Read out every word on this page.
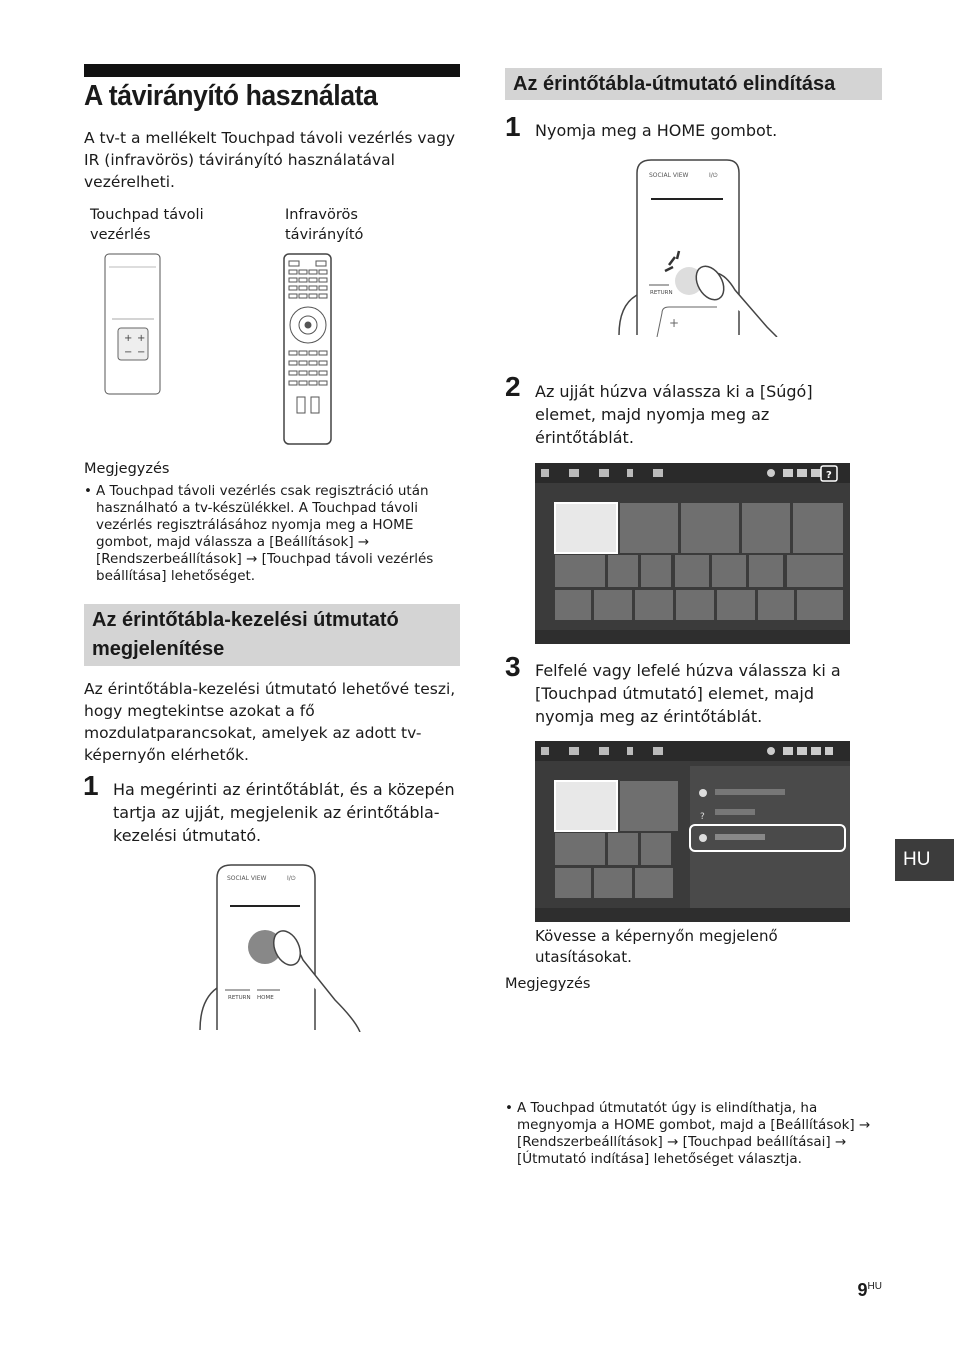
A távirányító használata
A tv-t a mellékelt Touchpad távoli vezérlés vagy IR (infravörös) távirányító használatával vezérelheti.
Touchpad távoli vezérlés
Infravörös távirányító
+ +
− −
Megjegyzés
• A Touchpad távoli vezérlés csak regisztráció után használható a tv-készülékkel. A Touchpad távoli vezérlés regisztrálásához nyomja meg a HOME gombot, majd válassza a [Beállítások] → [Rendszerbeállítások] → [Touchpad távoli vezérlés beállítása] lehetőséget.
Az érintőtábla-kezelési útmutató megjelenítése
Az érintőtábla-kezelési útmutató lehetővé teszi, hogy megtekintse azokat a fő mozdulatparancsokat, amelyek az adott tv-képernyőn elérhetők.
1 Ha megérinti az érintőtáblát, és a közepén tartja az ujját, megjelenik az érintőtábla-kezelési útmutató.
SOCIAL VIEW	I/⏻
RETURN HOME
Az érintőtábla-útmutató elindítása
1 Nyomja meg a HOME gombot.
SOCIAL VIEW	I/⏻
RETURN
+
2 Az ujját húzva válassza ki a [Súgó] elemet, majd nyomja meg az érintőtáblát.
?
3 Felfelé vagy lefelé húzva válassza ki a [Touchpad útmutató] elemet, majd nyomja meg az érintőtáblát.
?
Kövesse a képernyőn megjelenő utasításokat.
Megjegyzés
• A Touchpad útmutatót úgy is elindíthatja, ha megnyomja a HOME gombot, majd a [Beállítások] → [Rendszerbeállítások] → [Touchpad beállításai] → [Útmutató indítása] lehetőséget választja.
HU
$9^{HU}$
